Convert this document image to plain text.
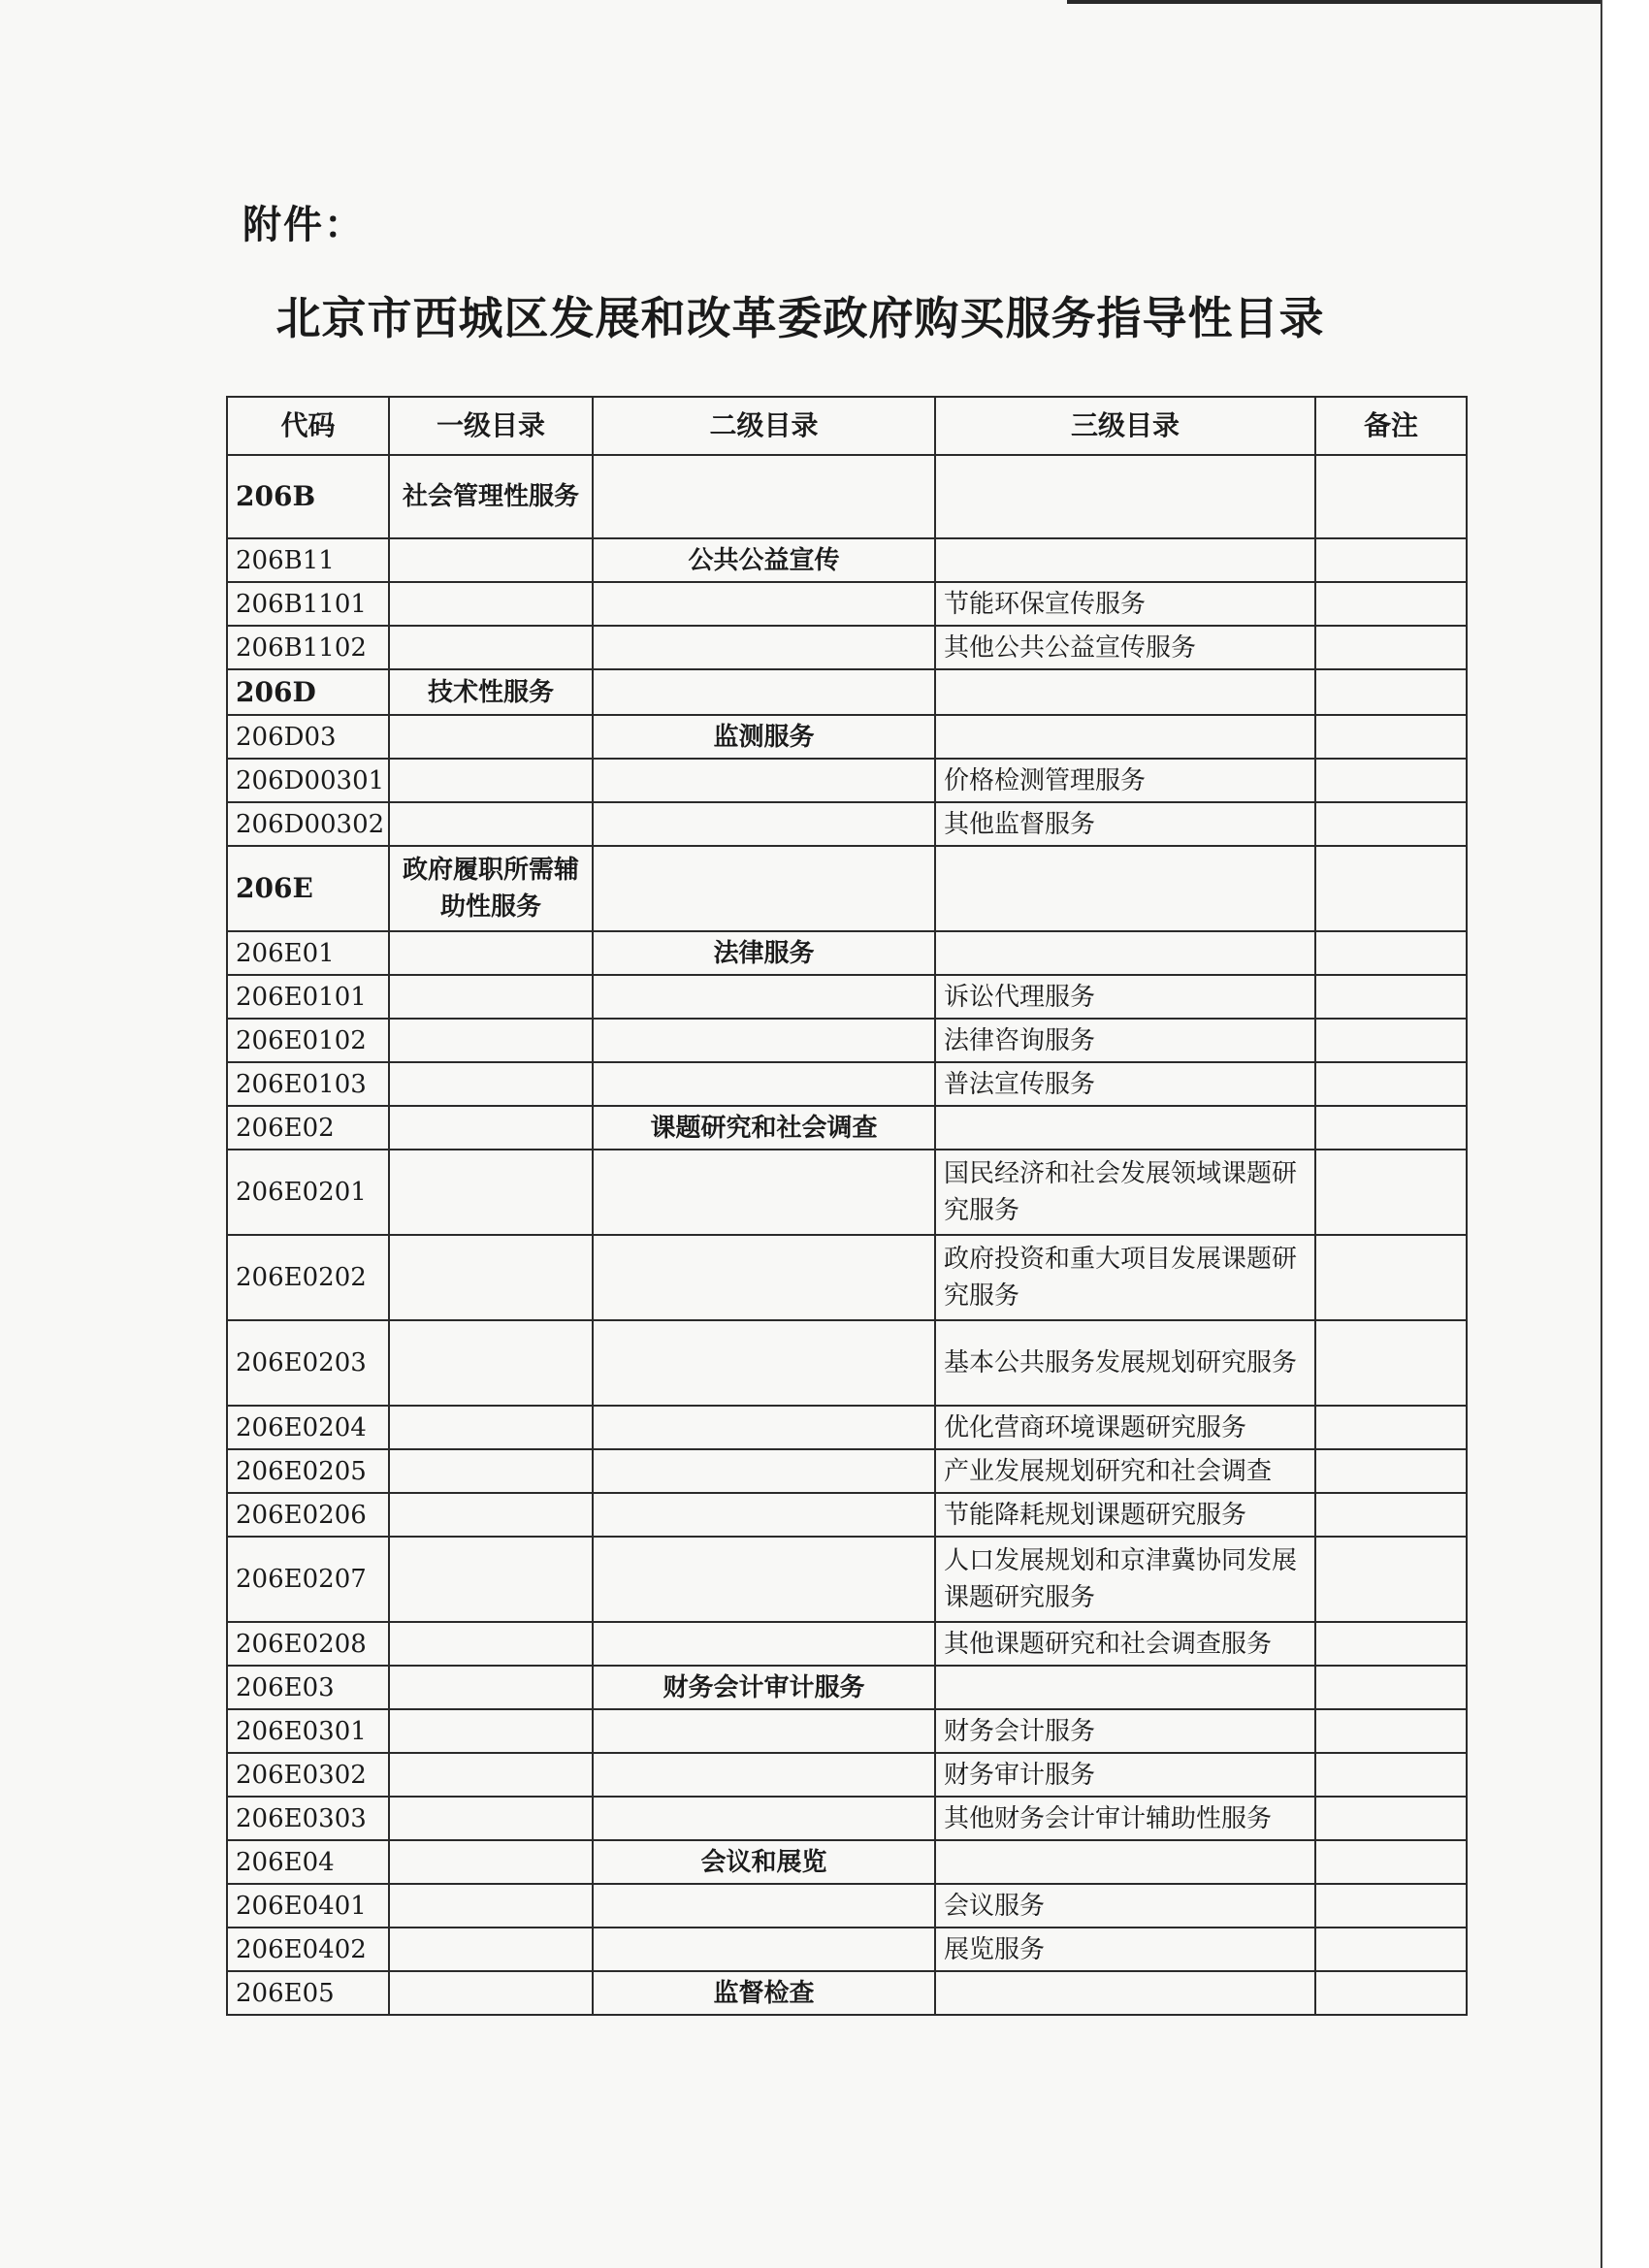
附件：
北京市西城区发展和改革委政府购买服务指导性目录
代码	一级目录	二级目录	三级目录	备注
206B	社会管理性服务			
206B11		公共公益宣传		
206B1101			节能环保宣传服务	
206B1102			其他公共公益宣传服务	
206D	技术性服务			
206D03		监测服务		
206D00301			价格检测管理服务	
206D00302			其他监督服务	
206E	政府履职所需辅助性服务			
206E01		法律服务		
206E0101			诉讼代理服务	
206E0102			法律咨询服务	
206E0103			普法宣传服务	
206E02		课题研究和社会调查		
206E0201			国民经济和社会发展领域课题研究服务	
206E0202			政府投资和重大项目发展课题研究服务	
206E0203			基本公共服务发展规划研究服务	
206E0204			优化营商环境课题研究服务	
206E0205			产业发展规划研究和社会调查	
206E0206			节能降耗规划课题研究服务	
206E0207			人口发展规划和京津冀协同发展课题研究服务	
206E0208			其他课题研究和社会调查服务	
206E03		财务会计审计服务		
206E0301			财务会计服务	
206E0302			财务审计服务	
206E0303			其他财务会计审计辅助性服务	
206E04		会议和展览		
206E0401			会议服务	
206E0402			展览服务	
206E05		监督检查		
